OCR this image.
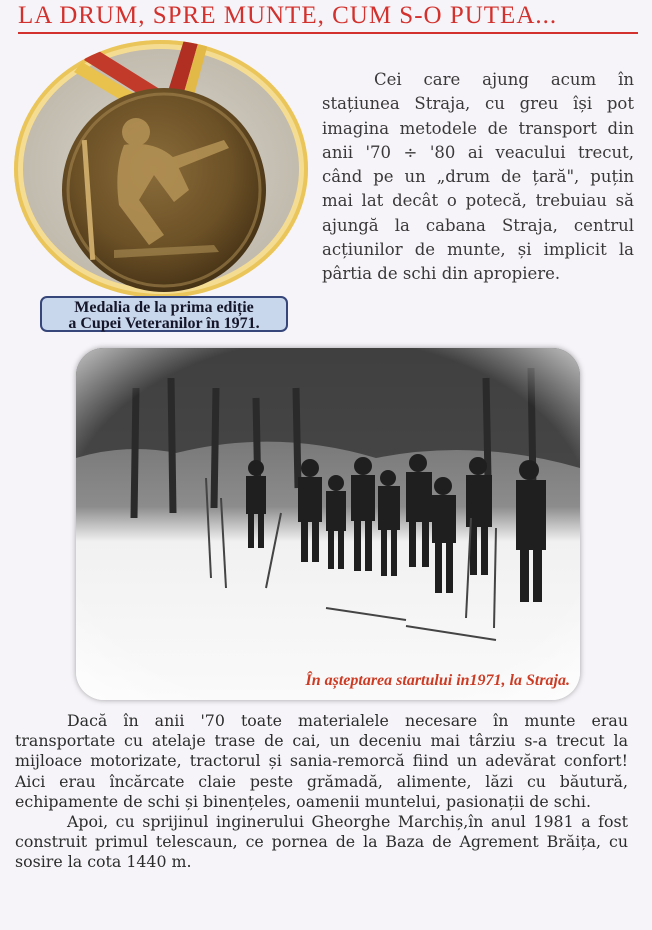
LA DRUM, SPRE MUNTE, CUM S-O PUTEA...
Medalia de la prima ediție
a Cupei Veteranilor în 1971.
Cei care ajung acum în stațiunea Straja, cu greu își pot imagina metodele de transport din anii '70 ÷ '80 ai veacului trecut, când pe un „drum de țară", puțin mai lat decât o potecă, trebuiau să ajungă la cabana Straja, centrul acțiunilor de munte, și implicit la pârtia de schi din apropiere.
În așteptarea startului in1971, la Straja.

Dacă în anii '70 toate materialele necesare în munte erau transportate cu atelaje trase de cai, un deceniu mai târziu s-a trecut la mijloace motorizate, tractorul și sania-remorcă fiind un adevărat confort! Aici erau încărcate claie peste grămadă, alimente, lăzi cu băutură, echipamente de schi și binențeles, oamenii muntelui, pasionații de schi.

Apoi, cu sprijinul inginerului Gheorghe Marchiș,în anul 1981 a fost construit primul telescaun, ce pornea de la Baza de Agrement Brăița, cu sosire la cota 1440 m.
